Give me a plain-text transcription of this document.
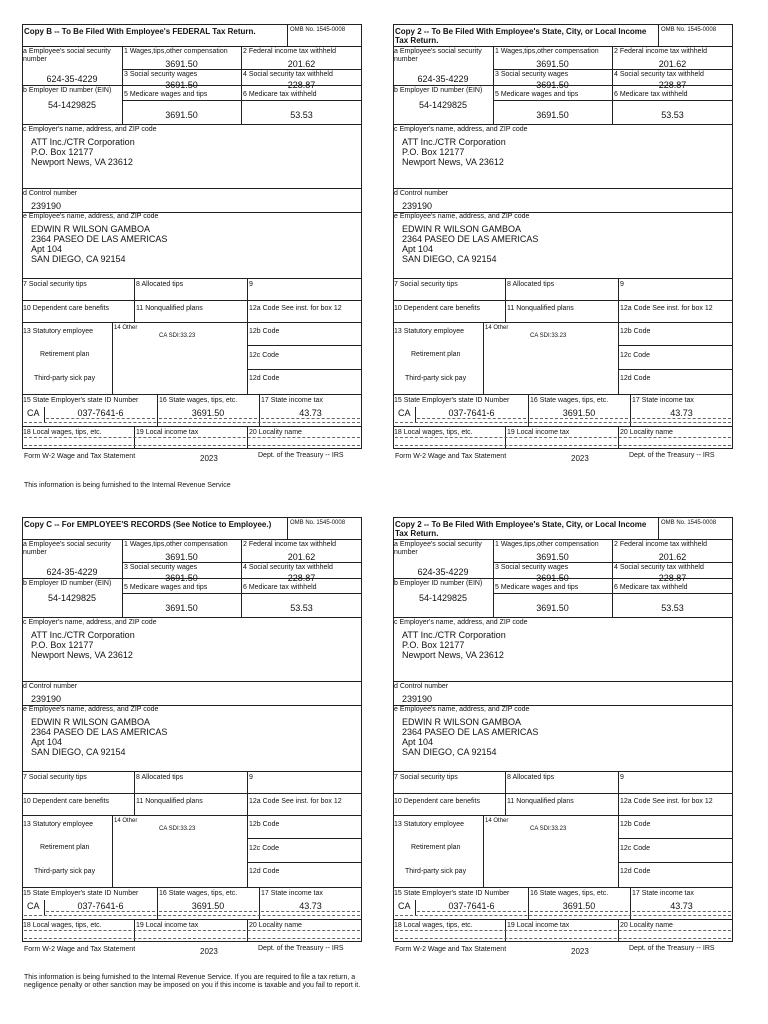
Copy B -- To Be Filed With Employee's FEDERAL Tax Return.	OMB No. 1545-0008
a Employee's social security number
624-35-4229
1 Wages,tips,other compensation
3691.50
2 Federal income tax withheld
201.62
3 Social security wages
3691.50
4 Social security tax withheld
228.87
b Employer ID number (EIN)
54-1429825
5 Medicare wages and tips
3691.50
6 Medicare tax withheld
53.53
c Employer's name, address, and ZIP code
ATT Inc./CTR Corporation
P.O. Box 12177
Newport News, VA 23612
d Control number
239190
e Employee's name, address, and ZIP code
EDWIN R WILSON GAMBOA
2364 PASEO DE LAS AMERICAS
Apt 104
SAN DIEGO, CA 92154
7 Social security tips	8 Allocated tips	9
10 Dependent care benefits	11 Nonqualified plans	12a Code See inst. for box 12
13 Statutory employee	14 Other
CA SDI:33.23
12b Code
Retirement plan	12c Code
Third-party sick pay	12d Code
15 State Employer's state ID Number	16 State wages, tips, etc.	17 State income tax
CA	037-7641-6	3691.50	43.73
18 Local wages, tips, etc.	19 Local income tax	20 Locality name
Form W-2 Wage and Tax Statement	2023	Dept. of the Treasury -- IRS
Copy 2 -- To Be Filed With Employee's State, City, or Local Income Tax Return.
OMB No. 1545-0008
a Employee's social security number
624-35-4229
1 Wages,tips,other compensation
3691.50
2 Federal income tax withheld
201.62
3 Social security wages
3691.50
4 Social security tax withheld
228.87
b Employer ID number (EIN)
54-1429825
5 Medicare wages and tips
3691.50
6 Medicare tax withheld
53.53
c Employer's name, address, and ZIP code
ATT Inc./CTR Corporation
P.O. Box 12177
Newport News, VA 23612
d Control number
239190
e Employee's name, address, and ZIP code
EDWIN R WILSON GAMBOA
2364 PASEO DE LAS AMERICAS
Apt 104
SAN DIEGO, CA 92154
7 Social security tips	8 Allocated tips	9
10 Dependent care benefits	11 Nonqualified plans	12a Code See inst. for box 12
13 Statutory employee	14 Other
CA SDI:33.23
12b Code
Retirement plan	12c Code
Third-party sick pay	12d Code
15 State Employer's state ID Number	16 State wages, tips, etc.	17 State income tax
CA	037-7641-6	3691.50	43.73
18 Local wages, tips, etc.	19 Local income tax	20 Locality name
Form W-2 Wage and Tax Statement	2023	Dept. of the Treasury -- IRS
Copy C -- For EMPLOYEE'S RECORDS (See Notice to Employee.)	OMB No. 1545-0008
a Employee's social security number
624-35-4229
1 Wages,tips,other compensation
3691.50
2 Federal income tax withheld
201.62
3 Social security wages
3691.50
4 Social security tax withheld
228.87
b Employer ID number (EIN)
54-1429825
5 Medicare wages and tips
3691.50
6 Medicare tax withheld
53.53
c Employer's name, address, and ZIP code
ATT Inc./CTR Corporation
P.O. Box 12177
Newport News, VA 23612
d Control number
239190
e Employee's name, address, and ZIP code
EDWIN R WILSON GAMBOA
2364 PASEO DE LAS AMERICAS
Apt 104
SAN DIEGO, CA 92154
7 Social security tips	8 Allocated tips	9
10 Dependent care benefits	11 Nonqualified plans	12a Code See inst. for box 12
13 Statutory employee	14 Other
CA SDI:33.23
12b Code
Retirement plan	12c Code
Third-party sick pay	12d Code
15 State Employer's state ID Number	16 State wages, tips, etc.	17 State income tax
CA	037-7641-6	3691.50	43.73
18 Local wages, tips, etc.	19 Local income tax	20 Locality name
Form W-2 Wage and Tax Statement	2023	Dept. of the Treasury -- IRS
Copy 2 -- To Be Filed With Employee's State, City, or Local Income Tax Return.
OMB No. 1545-0008
a Employee's social security number
624-35-4229
1 Wages,tips,other compensation
3691.50
2 Federal income tax withheld
201.62
3 Social security wages
3691.50
4 Social security tax withheld
228.87
b Employer ID number (EIN)
54-1429825
5 Medicare wages and tips
3691.50
6 Medicare tax withheld
53.53
c Employer's name, address, and ZIP code
ATT Inc./CTR Corporation
P.O. Box 12177
Newport News, VA 23612
d Control number
239190
e Employee's name, address, and ZIP code
EDWIN R WILSON GAMBOA
2364 PASEO DE LAS AMERICAS
Apt 104
SAN DIEGO, CA 92154
7 Social security tips	8 Allocated tips	9
10 Dependent care benefits	11 Nonqualified plans	12a Code See inst. for box 12
13 Statutory employee	14 Other
CA SDI:33.23
12b Code
Retirement plan	12c Code
Third-party sick pay	12d Code
15 State Employer's state ID Number	16 State wages, tips, etc.	17 State income tax
CA	037-7641-6	3691.50	43.73
18 Local wages, tips, etc.	19 Local income tax	20 Locality name
Form W-2 Wage and Tax Statement	2023	Dept. of the Treasury -- IRS
This information is being furnished to the Internal Revenue Service
This information is being furnished to the Internal Revenue Service. If you are required to file a tax return, a negligence penalty or other sanction may be imposed on you if this income is taxable and you fail to report it.
